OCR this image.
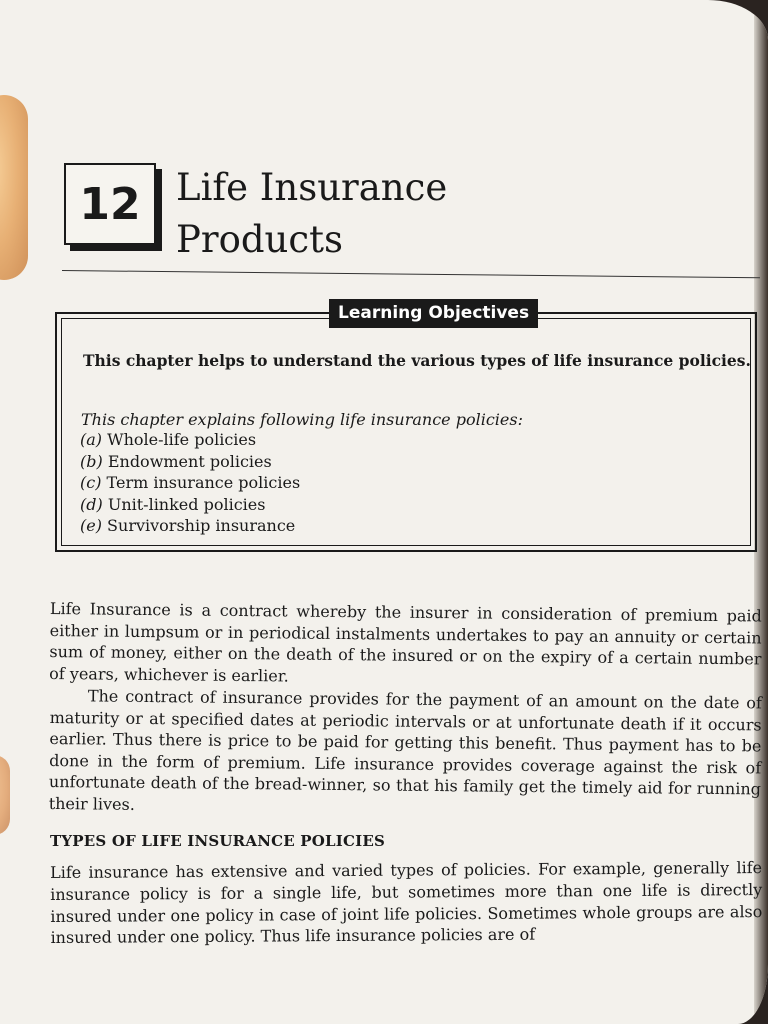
12 Life Insurance
Products
Learning Objectives
This chapter helps to understand the various types of life insurance policies.
This chapter explains following life insurance policies:
(a) Whole-life policies
(b) Endowment policies
(c) Term insurance policies
(d) Unit-linked policies
(e) Survivorship insurance

Life Insurance is a contract whereby the insurer in consideration of premium paid either in lumpsum or in periodical instalments undertakes to pay an annuity or certain sum of money, either on the death of the insured or on the expiry of a certain number of years, whichever is earlier.

The contract of insurance provides for the payment of an amount on the date of maturity or at specified dates at periodic intervals or at unfortunate death if it occurs earlier. Thus there is price to be paid for getting this benefit. Thus payment has to be done in the form of premium. Life insurance provides coverage against the risk of unfortunate death of the bread-winner, so that his family get the timely aid for running their lives.

TYPES OF LIFE INSURANCE POLICIES

Life insurance has extensive and varied types of policies. For example, generally life insurance policy is for a single life, but sometimes more than one life is directly insured under one policy in case of joint life policies. Sometimes whole groups are also insured under one policy. Thus life insurance policies are of
